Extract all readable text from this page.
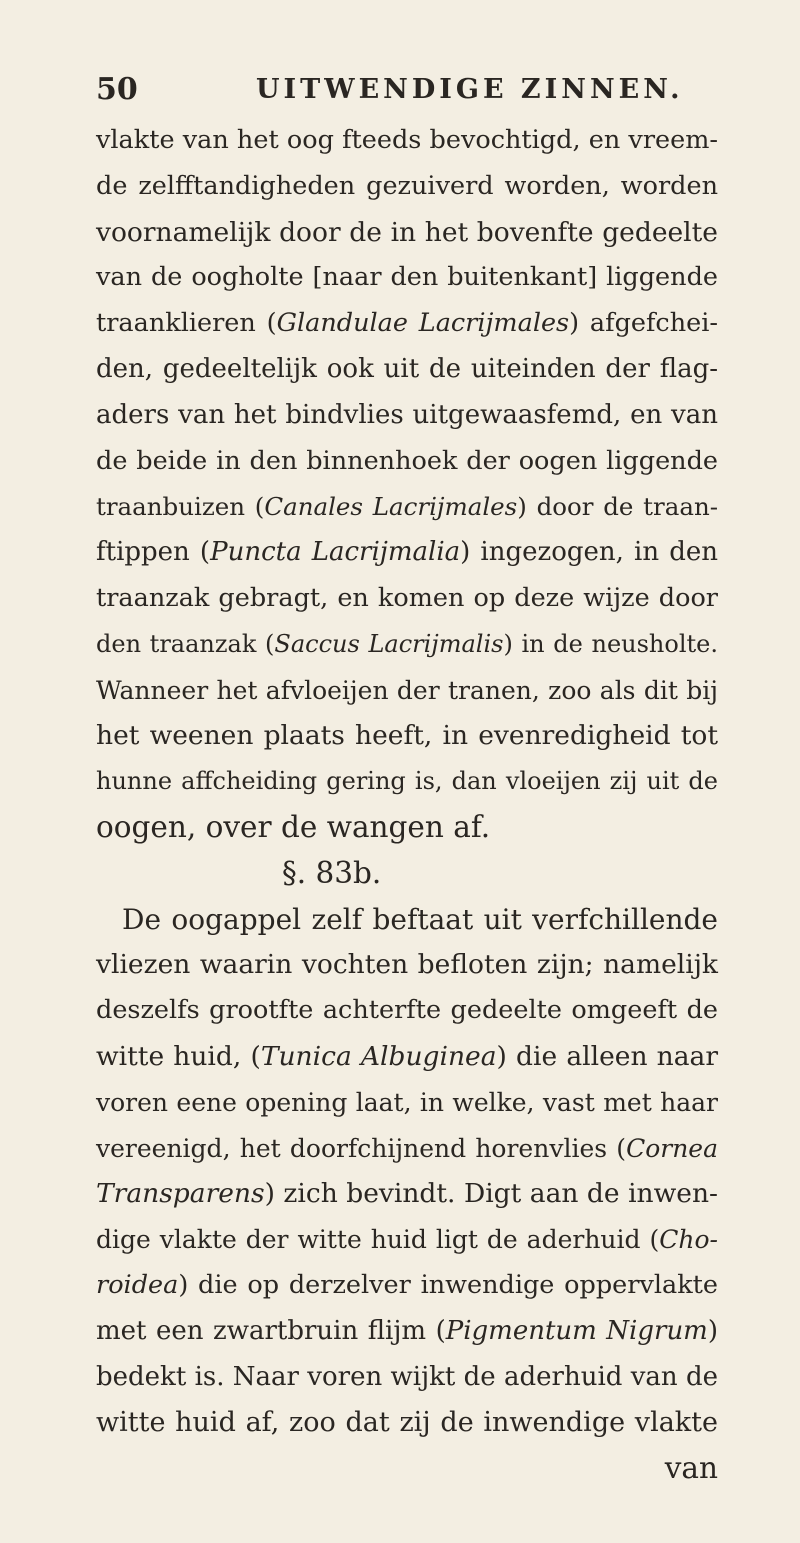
50	UITWENDIGE ZINNEN.
vlakte van het oog fteeds bevochtigd, en vreem-
de zelfftandigheden gezuiverd worden, worden
voornamelijk door de in het bovenfte gedeelte
van de oogholte [naar den buitenkant] liggende
traanklieren (Glandulae Lacrijmales) afgefchei-
den, gedeeltelijk ook uit de uiteinden der flag-
aders van het bindvlies uitgewaasfemd, en van
de beide in den binnenhoek der oogen liggende
traanbuizen (Canales Lacrijmales) door de traan-
ftippen (Puncta Lacrijmalia) ingezogen, in den
traanzak gebragt, en komen op deze wijze door
den traanzak (Saccus Lacrijmalis) in de neusholte.
Wanneer het afvloeijen der tranen, zoo als dit bij
het weenen plaats heeft, in evenredigheid tot
hunne affcheiding gering is, dan vloeijen zij uit de
oogen, over de wangen af.
§. 83b.
De oogappel zelf beftaat uit verfchillende
vliezen waarin vochten befloten zijn; namelijk
deszelfs grootfte achterfte gedeelte omgeeft de
witte huid, (Tunica Albuginea) die alleen naar
voren eene opening laat, in welke, vast met haar
vereenigd, het doorfchijnend horenvlies (Cornea
Transparens) zich bevindt. Digt aan de inwen-
dige vlakte der witte huid ligt de aderhuid (Cho-
roidea) die op derzelver inwendige oppervlakte
met een zwartbruin flijm (Pigmentum Nigrum)
bedekt is. Naar voren wijkt de aderhuid van de
witte huid af, zoo dat zij de inwendige vlakte
van
